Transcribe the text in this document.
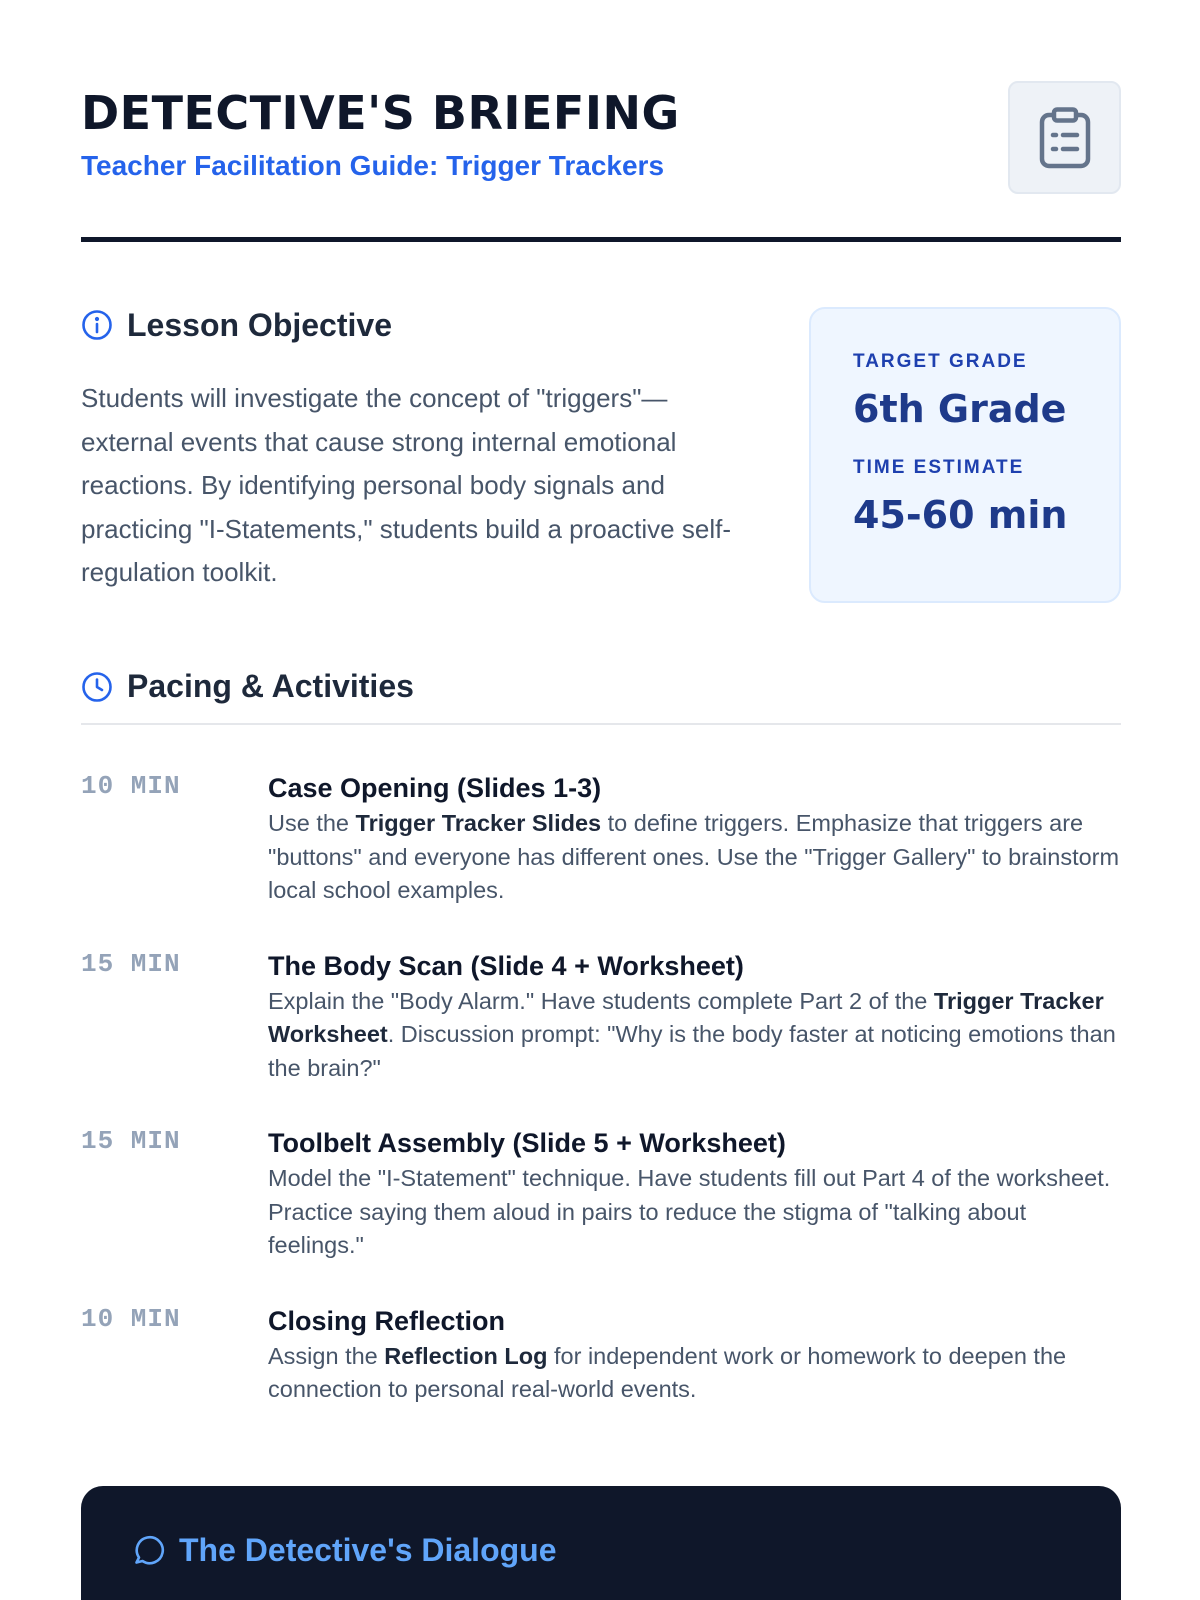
DETECTIVE'S BRIEFING
Teacher Facilitation Guide: Trigger Trackers
Lesson Objective

Students will investigate the concept of "triggers"—external events that cause strong internal emotional reactions. By identifying personal body signals and practicing "I-Statements," students build a proactive self-regulation toolkit.

TARGET GRADE
6th Grade
TIME ESTIMATE
45-60 min
Pacing & Activities
10 MIN	Case Opening (Slides 1-3)

Use the Trigger Tracker Slides to define triggers. Emphasize that triggers are "buttons" and everyone has different ones. Use the "Trigger Gallery" to brainstorm local school examples.

15 MIN	The Body Scan (Slide 4 + Worksheet)

Explain the "Body Alarm." Have students complete Part 2 of the Trigger Tracker Worksheet. Discussion prompt: "Why is the body faster at noticing emotions than the brain?"

15 MIN	Toolbelt Assembly (Slide 5 + Worksheet)

Model the "I-Statement" technique. Have students fill out Part 4 of the worksheet. Practice saying them aloud in pairs to reduce the stigma of "talking about feelings."

10 MIN	Closing Reflection

Assign the Reflection Log for independent work or homework to deepen the connection to personal real-world events.

The Detective's Dialogue
